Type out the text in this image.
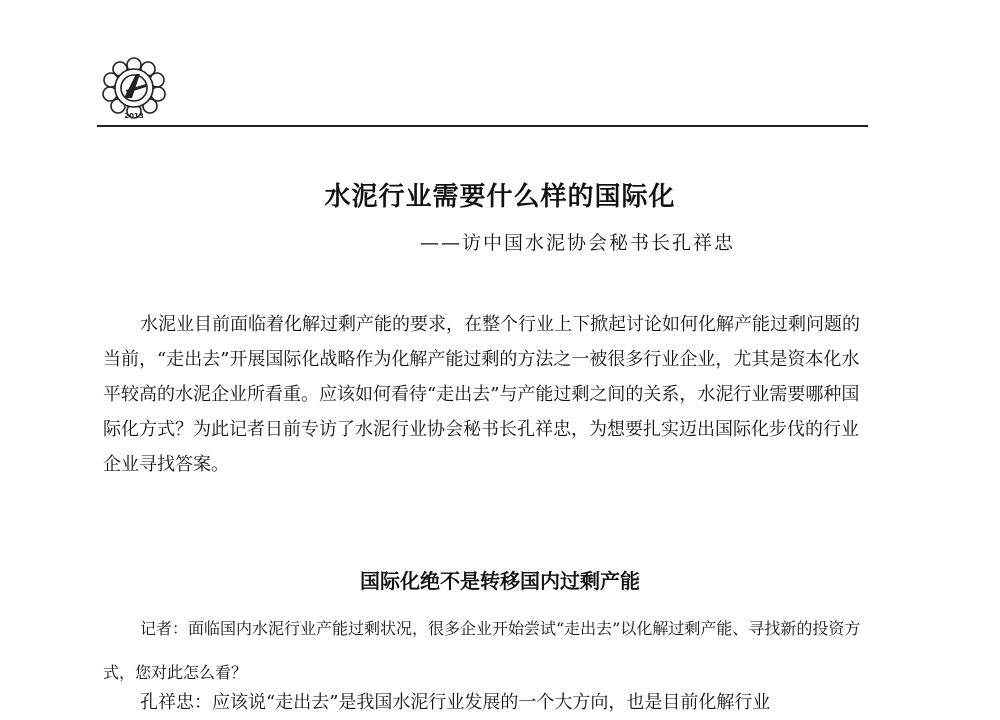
2013
水泥行业需要什么样的国际化
——访中国水泥协会秘书长孔祥忠
水泥业目前面临着化解过剩产能的要求，在整个行业上下掀起讨论如何化解产能过剩问题的当前，“走出去”开展国际化战略作为化解产能过剩的方法之一被很多行业企业，尤其是资本化水平较高的水泥企业所看重。应该如何看待“走出去”与产能过剩之间的关系，水泥行业需要哪种国际化方式？为此记者日前专访了水泥行业协会秘书长孔祥忠，为想要扎实迈出国际化步伐的行业企业寻找答案。
国际化绝不是转移国内过剩产能
记者：面临国内水泥行业产能过剩状况，很多企业开始尝试“走出去”以化解过剩产能、寻找新的投资方式，您对此怎么看？
孔祥忠：应该说“走出去”是我国水泥行业发展的一个大方向，也是目前化解行业
